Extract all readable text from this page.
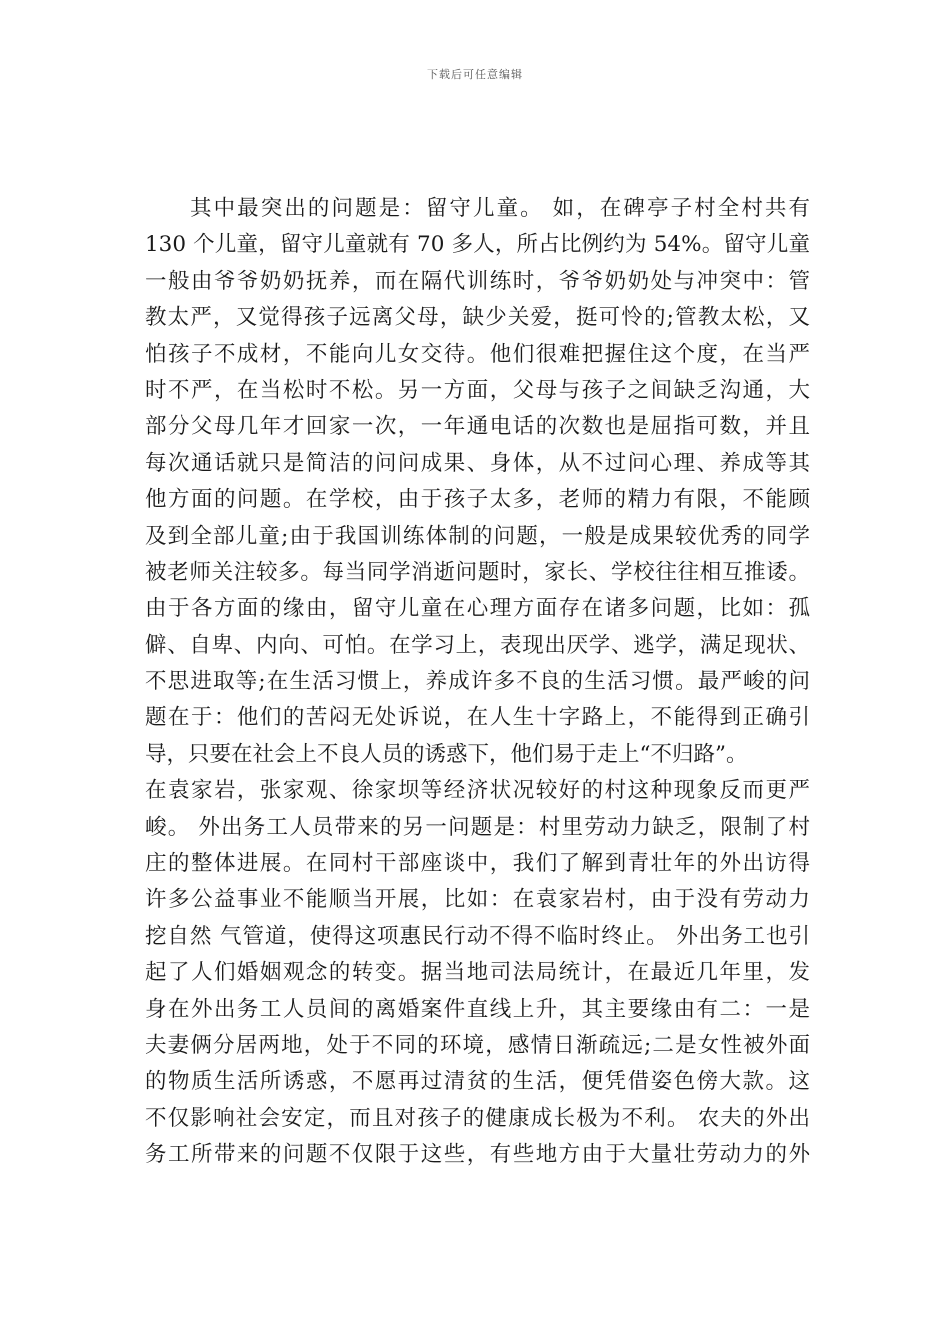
下载后可任意编辑
其中最突出的问题是：留守儿童。 如，在碑亭子村全村共有
130 个儿童，留守儿童就有 70 多人，所占比例约为 54%。留守儿童
一般由爷爷奶奶抚养，而在隔代训练时，爷爷奶奶处与冲突中：管
教太严，又觉得孩子远离父母，缺少关爱，挺可怜的;管教太松，又
怕孩子不成材，不能向儿女交待。他们很难把握住这个度，在当严
时不严，在当松时不松。另一方面，父母与孩子之间缺乏沟通，大
部分父母几年才回家一次，一年通电话的次数也是屈指可数，并且
每次通话就只是简洁的问问成果、身体，从不过问心理、养成等其
他方面的问题。在学校，由于孩子太多，老师的精力有限，不能顾
及到全部儿童;由于我国训练体制的问题，一般是成果较优秀的同学
被老师关注较多。每当同学消逝问题时，家长、学校往往相互推诿。
由于各方面的缘由，留守儿童在心理方面存在诸多问题，比如：孤
僻、自卑、内向、可怕。在学习上，表现出厌学、逃学，满足现状、
不思进取等;在生活习惯上，养成许多不良的生活习惯。最严峻的问
题在于：他们的苦闷无处诉说，在人生十字路上，不能得到正确引
导，只要在社会上不良人员的诱惑下，他们易于走上“不归路”。
在袁家岩，张家观、徐家坝等经济状况较好的村这种现象反而更严
峻。 外出务工人员带来的另一问题是：村里劳动力缺乏，限制了村
庄的整体进展。在同村干部座谈中，我们了解到青壮年的外出访得
许多公益事业不能顺当开展，比如：在袁家岩村，由于没有劳动力
挖自然 气管道，使得这项惠民行动不得不临时终止。 外出务工也引
起了人们婚姻观念的转变。据当地司法局统计，在最近几年里，发
身在外出务工人员间的离婚案件直线上升，其主要缘由有二：一是
夫妻俩分居两地，处于不同的环境，感情日渐疏远;二是女性被外面
的物质生活所诱惑，不愿再过清贫的生活，便凭借姿色傍大款。这
不仅影响社会安定，而且对孩子的健康成长极为不利。 农夫的外出
务工所带来的问题不仅限于这些，有些地方由于大量壮劳动力的外
